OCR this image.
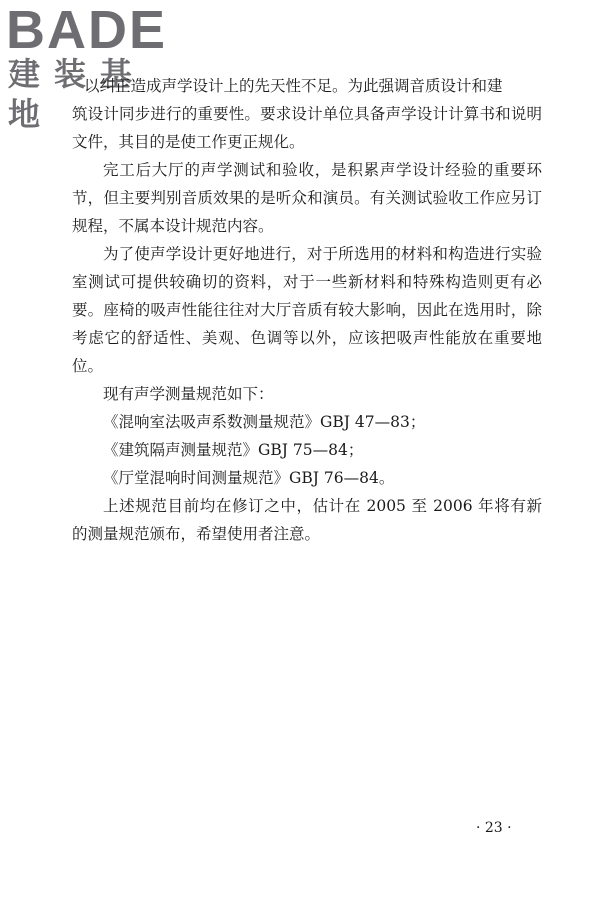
BADE
建装基地
以纠正造成声学设计上的先天性不足。为此强调音质设计和建

筑设计同步进行的重要性。要求设计单位具备声学设计计算书和说明文件，其目的是使工作更正规化。

完工后大厅的声学测试和验收，是积累声学设计经验的重要环节，但主要判别音质效果的是听众和演员。有关测试验收工作应另订规程，不属本设计规范内容。

为了使声学设计更好地进行，对于所选用的材料和构造进行实验室测试可提供较确切的资料，对于一些新材料和特殊构造则更有必要。座椅的吸声性能往往对大厅音质有较大影响，因此在选用时，除考虑它的舒适性、美观、色调等以外，应该把吸声性能放在重要地位。

现有声学测量规范如下：

《混响室法吸声系数测量规范》GBJ 47—83；

《建筑隔声测量规范》GBJ 75—84；

《厅堂混响时间测量规范》GBJ 76—84。

上述规范目前均在修订之中，估计在 2005 至 2006 年将有新的测量规范颁布，希望使用者注意。

· 23 ·
